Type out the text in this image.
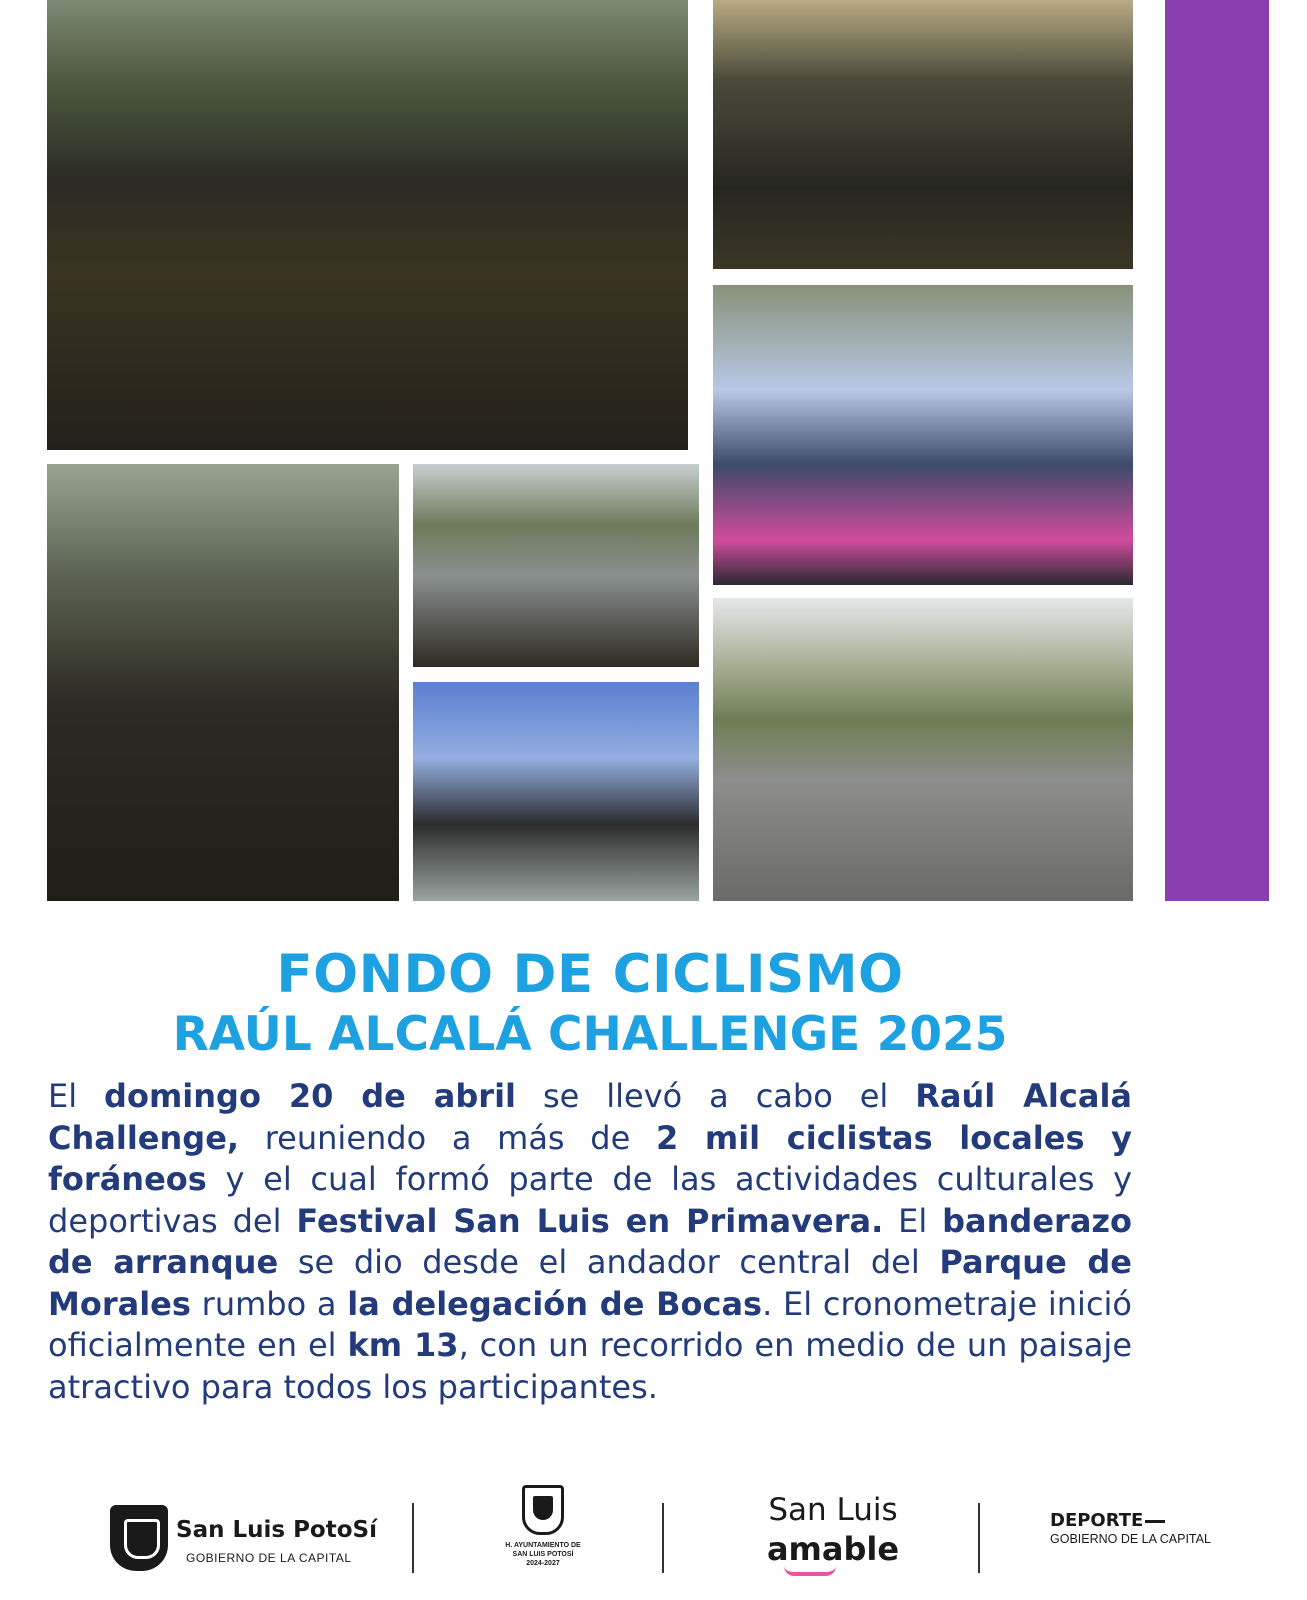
FONDO DE CICLISMO
RAÚL ALCALÁ CHALLENGE 2025

El domingo 20 de abril se llevó a cabo el Raúl Alcalá Challenge, reuniendo a más de 2 mil ciclistas locales y foráneos y el cual formó parte de las actividades culturales y deportivas del Festival San Luis en Primavera. El banderazo de arranque se dio desde el andador central del Parque de Morales rumbo a la delegación de Bocas. El cronometraje inició oficialmente en el km 13, con un recorrido en medio de un paisaje atractivo para todos los participantes.

San Luis PotoSí
GOBIERNO DE LA CAPITAL
H. AYUNTAMIENTO DE
SAN LUIS POTOSÍ
2024-2027
San Luis
amable
DEPORTE
GOBIERNO DE LA CAPITAL
